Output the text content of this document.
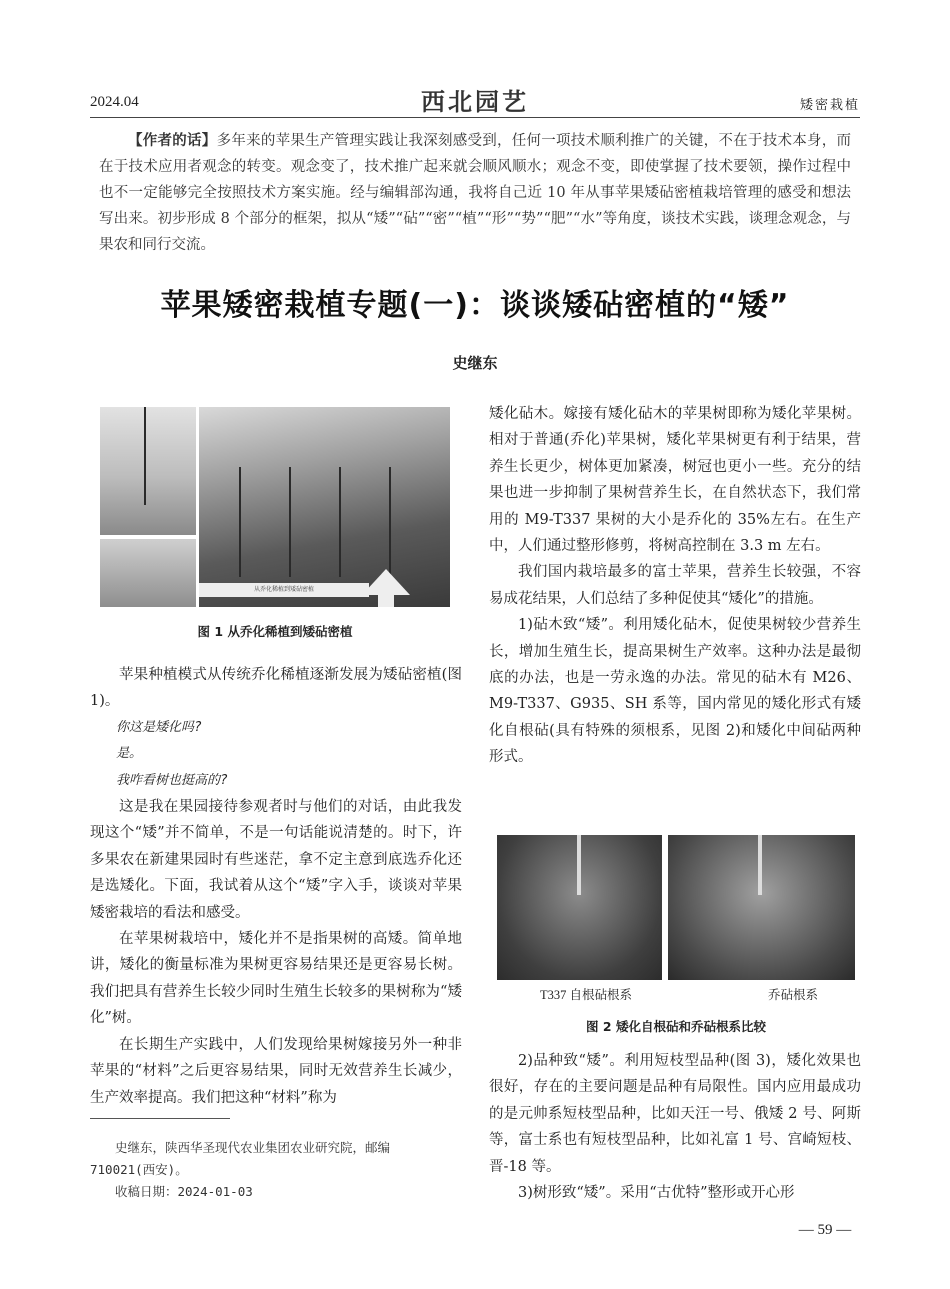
2024.04	西北园艺	矮密栽植
【作者的话】多年来的苹果生产管理实践让我深刻感受到，任何一项技术顺利推广的关键，不在于技术本身，而在于技术应用者观念的转变。观念变了，技术推广起来就会顺风顺水；观念不变，即使掌握了技术要领，操作过程中也不一定能够完全按照技术方案实施。经与编辑部沟通，我将自己近 10 年从事苹果矮砧密植栽培管理的感受和想法写出来。初步形成 8 个部分的框架，拟从“矮”“砧”“密”“植”“形”“势”“肥”“水”等角度，谈技术实践，谈理念观念，与果农和同行交流。
苹果矮密栽植专题(一)：谈谈矮砧密植的“矮”
史继东
从乔化稀植到矮砧密植
图 1 从乔化稀植到矮砧密植

苹果种植模式从传统乔化稀植逐渐发展为矮砧密植(图 1)。

你这是矮化吗?

是。

我咋看树也挺高的?

这是我在果园接待参观者时与他们的对话，由此我发现这个“矮”并不简单，不是一句话能说清楚的。时下，许多果农在新建果园时有些迷茫，拿不定主意到底选乔化还是选矮化。下面，我试着从这个“矮”字入手，谈谈对苹果矮密栽培的看法和感受。

在苹果树栽培中，矮化并不是指果树的高矮。简单地讲，矮化的衡量标准为果树更容易结果还是更容易长树。我们把具有营养生长较少同时生殖生长较多的果树称为“矮化”树。

在长期生产实践中，人们发现给果树嫁接另外一种非苹果的“材料”之后更容易结果，同时无效营养生长减少，生产效率提高。我们把这种“材料”称为

矮化砧木。嫁接有矮化砧木的苹果树即称为矮化苹果树。相对于普通(乔化)苹果树，矮化苹果树更有利于结果，营养生长更少，树体更加紧凑，树冠也更小一些。充分的结果也进一步抑制了果树营养生长，在自然状态下，我们常用的 M9-T337 果树的大小是乔化的 35%左右。在生产中，人们通过整形修剪，将树高控制在 3.3 m 左右。

我们国内栽培最多的富士苹果，营养生长较强，不容易成花结果，人们总结了多种促使其“矮化”的措施。

1)砧木致“矮”。利用矮化砧木，促使果树较少营养生长，增加生殖生长，提高果树生产效率。这种办法是最彻底的办法，也是一劳永逸的办法。常见的砧木有 M26、M9-T337、G935、SH 系等，国内常见的矮化形式有矮化自根砧(具有特殊的须根系，见图 2)和矮化中间砧两种形式。

T337 自根砧根系	乔砧根系
图 2 矮化自根砧和乔砧根系比较

2)品种致“矮”。利用短枝型品种(图 3)，矮化效果也很好，存在的主要问题是品种有局限性。国内应用最成功的是元帅系短枝型品种，比如天汪一号、俄矮 2 号、阿斯等，富士系也有短枝型品种，比如礼富 1 号、宫崎短枝、晋-18 等。

3)树形致“矮”。采用“古优特”整形或开心形

史继东，陕西华圣现代农业集团农业研究院，邮编 710021(西安)。

收稿日期：2024-01-03

— 59 —
